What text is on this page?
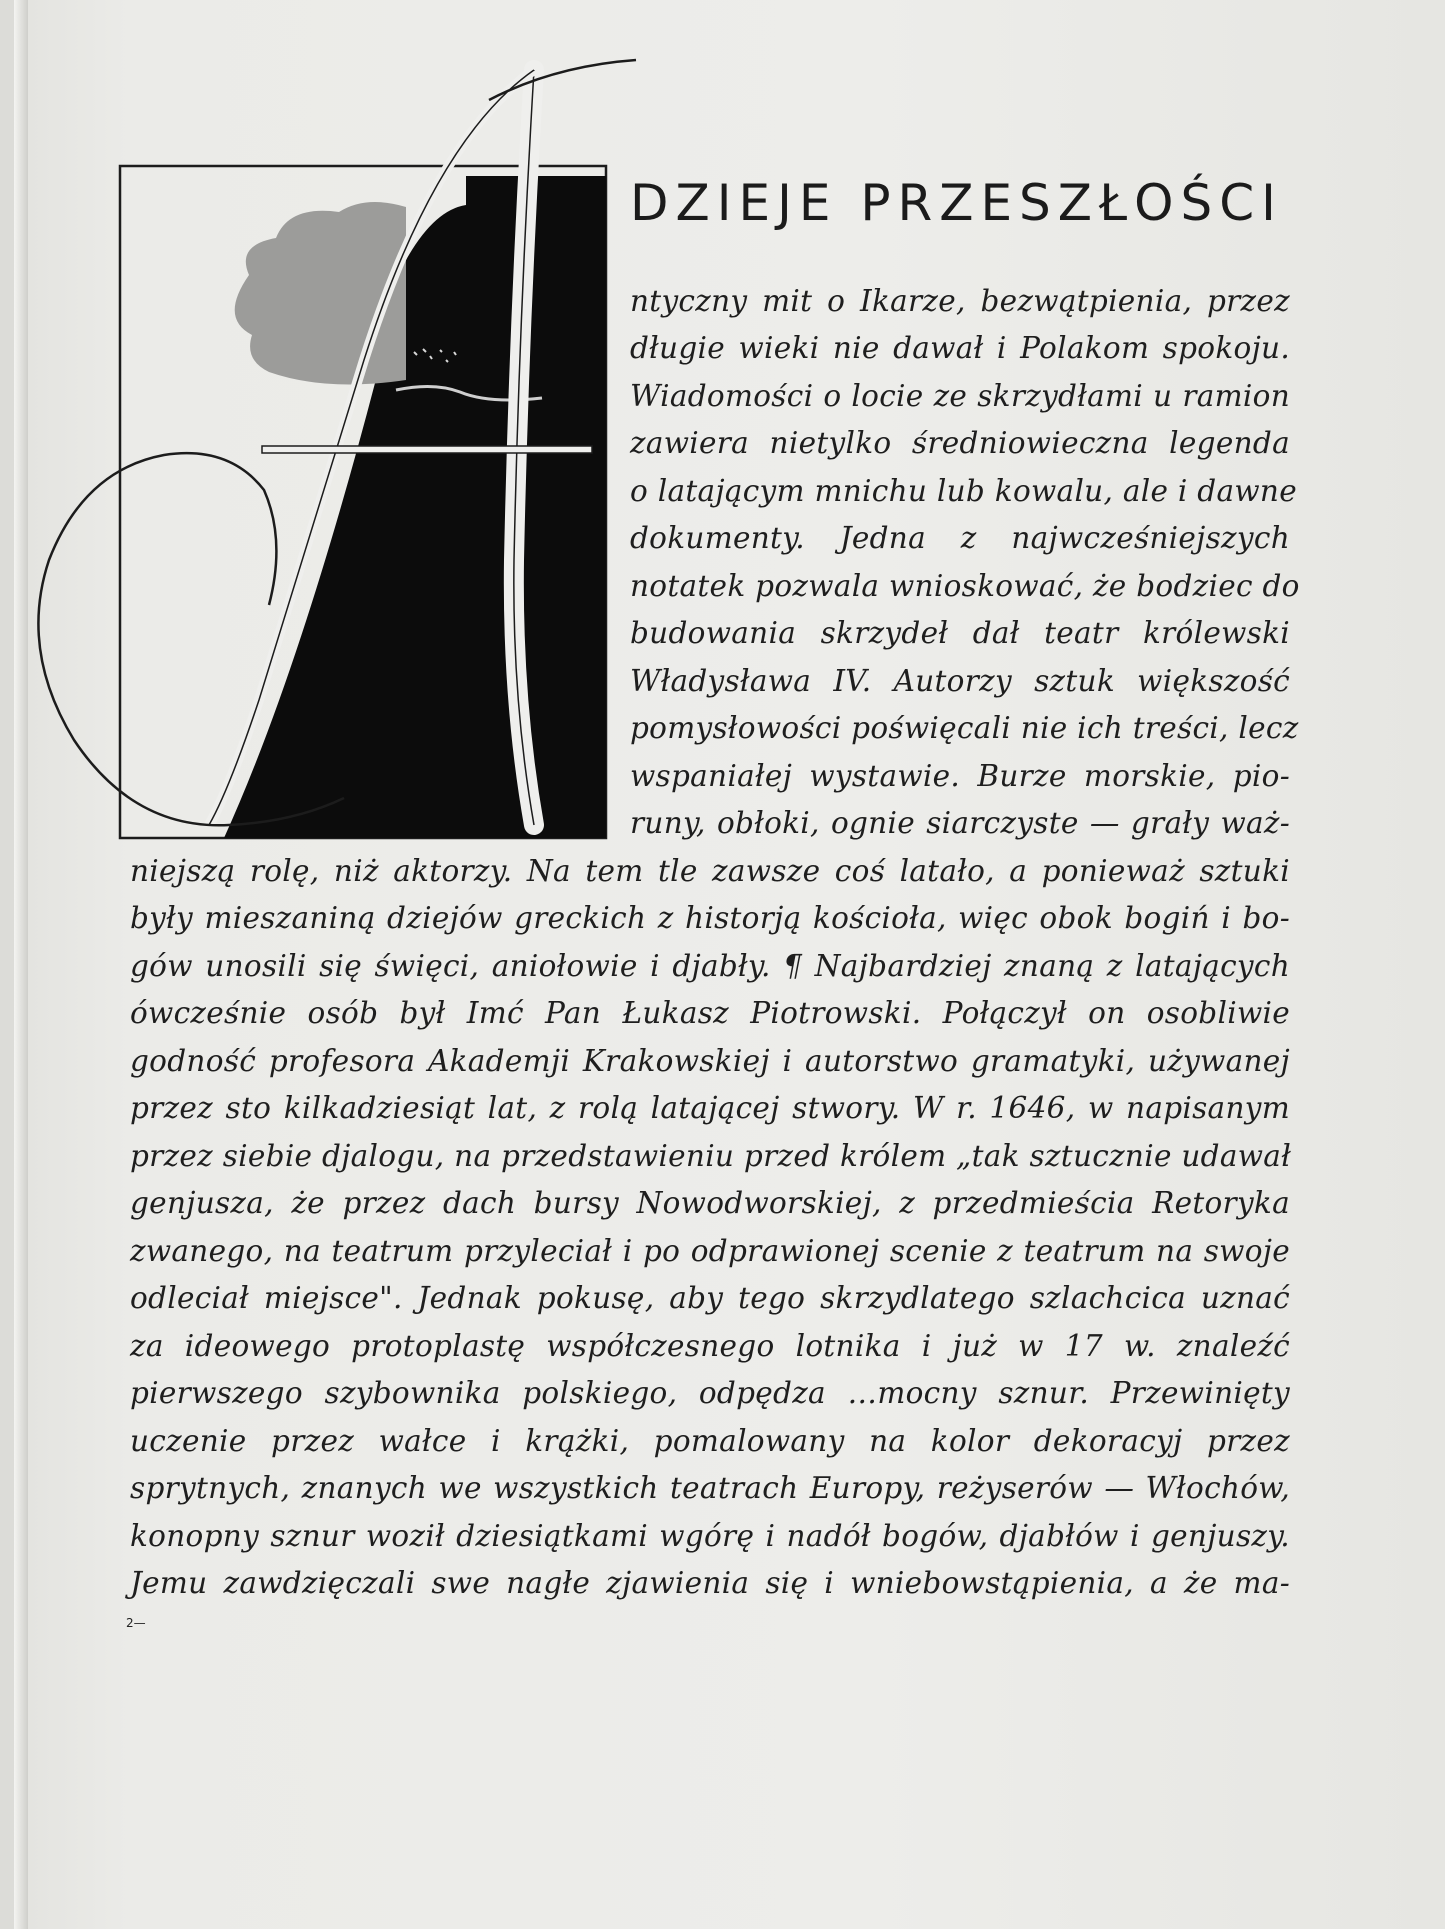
DZIEJE PRZESZŁOŚCI
ntyczny mit o Ikarze, bezwątpienia, przez
długie wieki nie dawał i Polakom spokoju.
Wiadomości o locie ze skrzydłami u ramion
zawiera nietylko średniowieczna legenda
o latającym mnichu lub kowalu, ale i dawne
dokumenty. Jedna z najwcześniejszych
notatek pozwala wnioskować, że bodziec do
budowania skrzydeł dał teatr królewski
Władysława IV. Autorzy sztuk większość
pomysłowości poświęcali nie ich treści, lecz
wspaniałej wystawie. Burze morskie, pio-
runy, obłoki, ognie siarczyste — grały waż-
niejszą rolę, niż aktorzy. Na tem tle zawsze coś latało, a ponieważ sztuki
były mieszaniną dziejów greckich z historją kościoła, więc obok bogiń i bo-
gów unosili się święci, aniołowie i djabły. ¶ Najbardziej znaną z latających
ówcześnie osób był Imć Pan Łukasz Piotrowski. Połączył on osobliwie
godność profesora Akademji Krakowskiej i autorstwo gramatyki, używanej
przez sto kilkadziesiąt lat, z rolą latającej stwory. W r. 1646, w napisanym
przez siebie djalogu, na przedstawieniu przed królem „tak sztucznie udawał
genjusza, że przez dach bursy Nowodworskiej, z przedmieścia Retoryka
zwanego, na teatrum przyleciał i po odprawionej scenie z teatrum na swoje
odleciał miejsce". Jednak pokusę, aby tego skrzydlatego szlachcica uznać
za ideowego protoplastę współczesnego lotnika i już w 17 w. znaleźć
pierwszego szybownika polskiego, odpędza …mocny sznur. Przewinięty
uczenie przez wałce i krążki, pomalowany na kolor dekoracyj przez
sprytnych, znanych we wszystkich teatrach Europy, reżyserów — Włochów,
konopny sznur woził dziesiątkami wgórę i nadół bogów, djabłów i genjuszy.
Jemu zawdzięczali swe nagłe zjawienia się i wniebowstąpienia, a że ma-
2—
